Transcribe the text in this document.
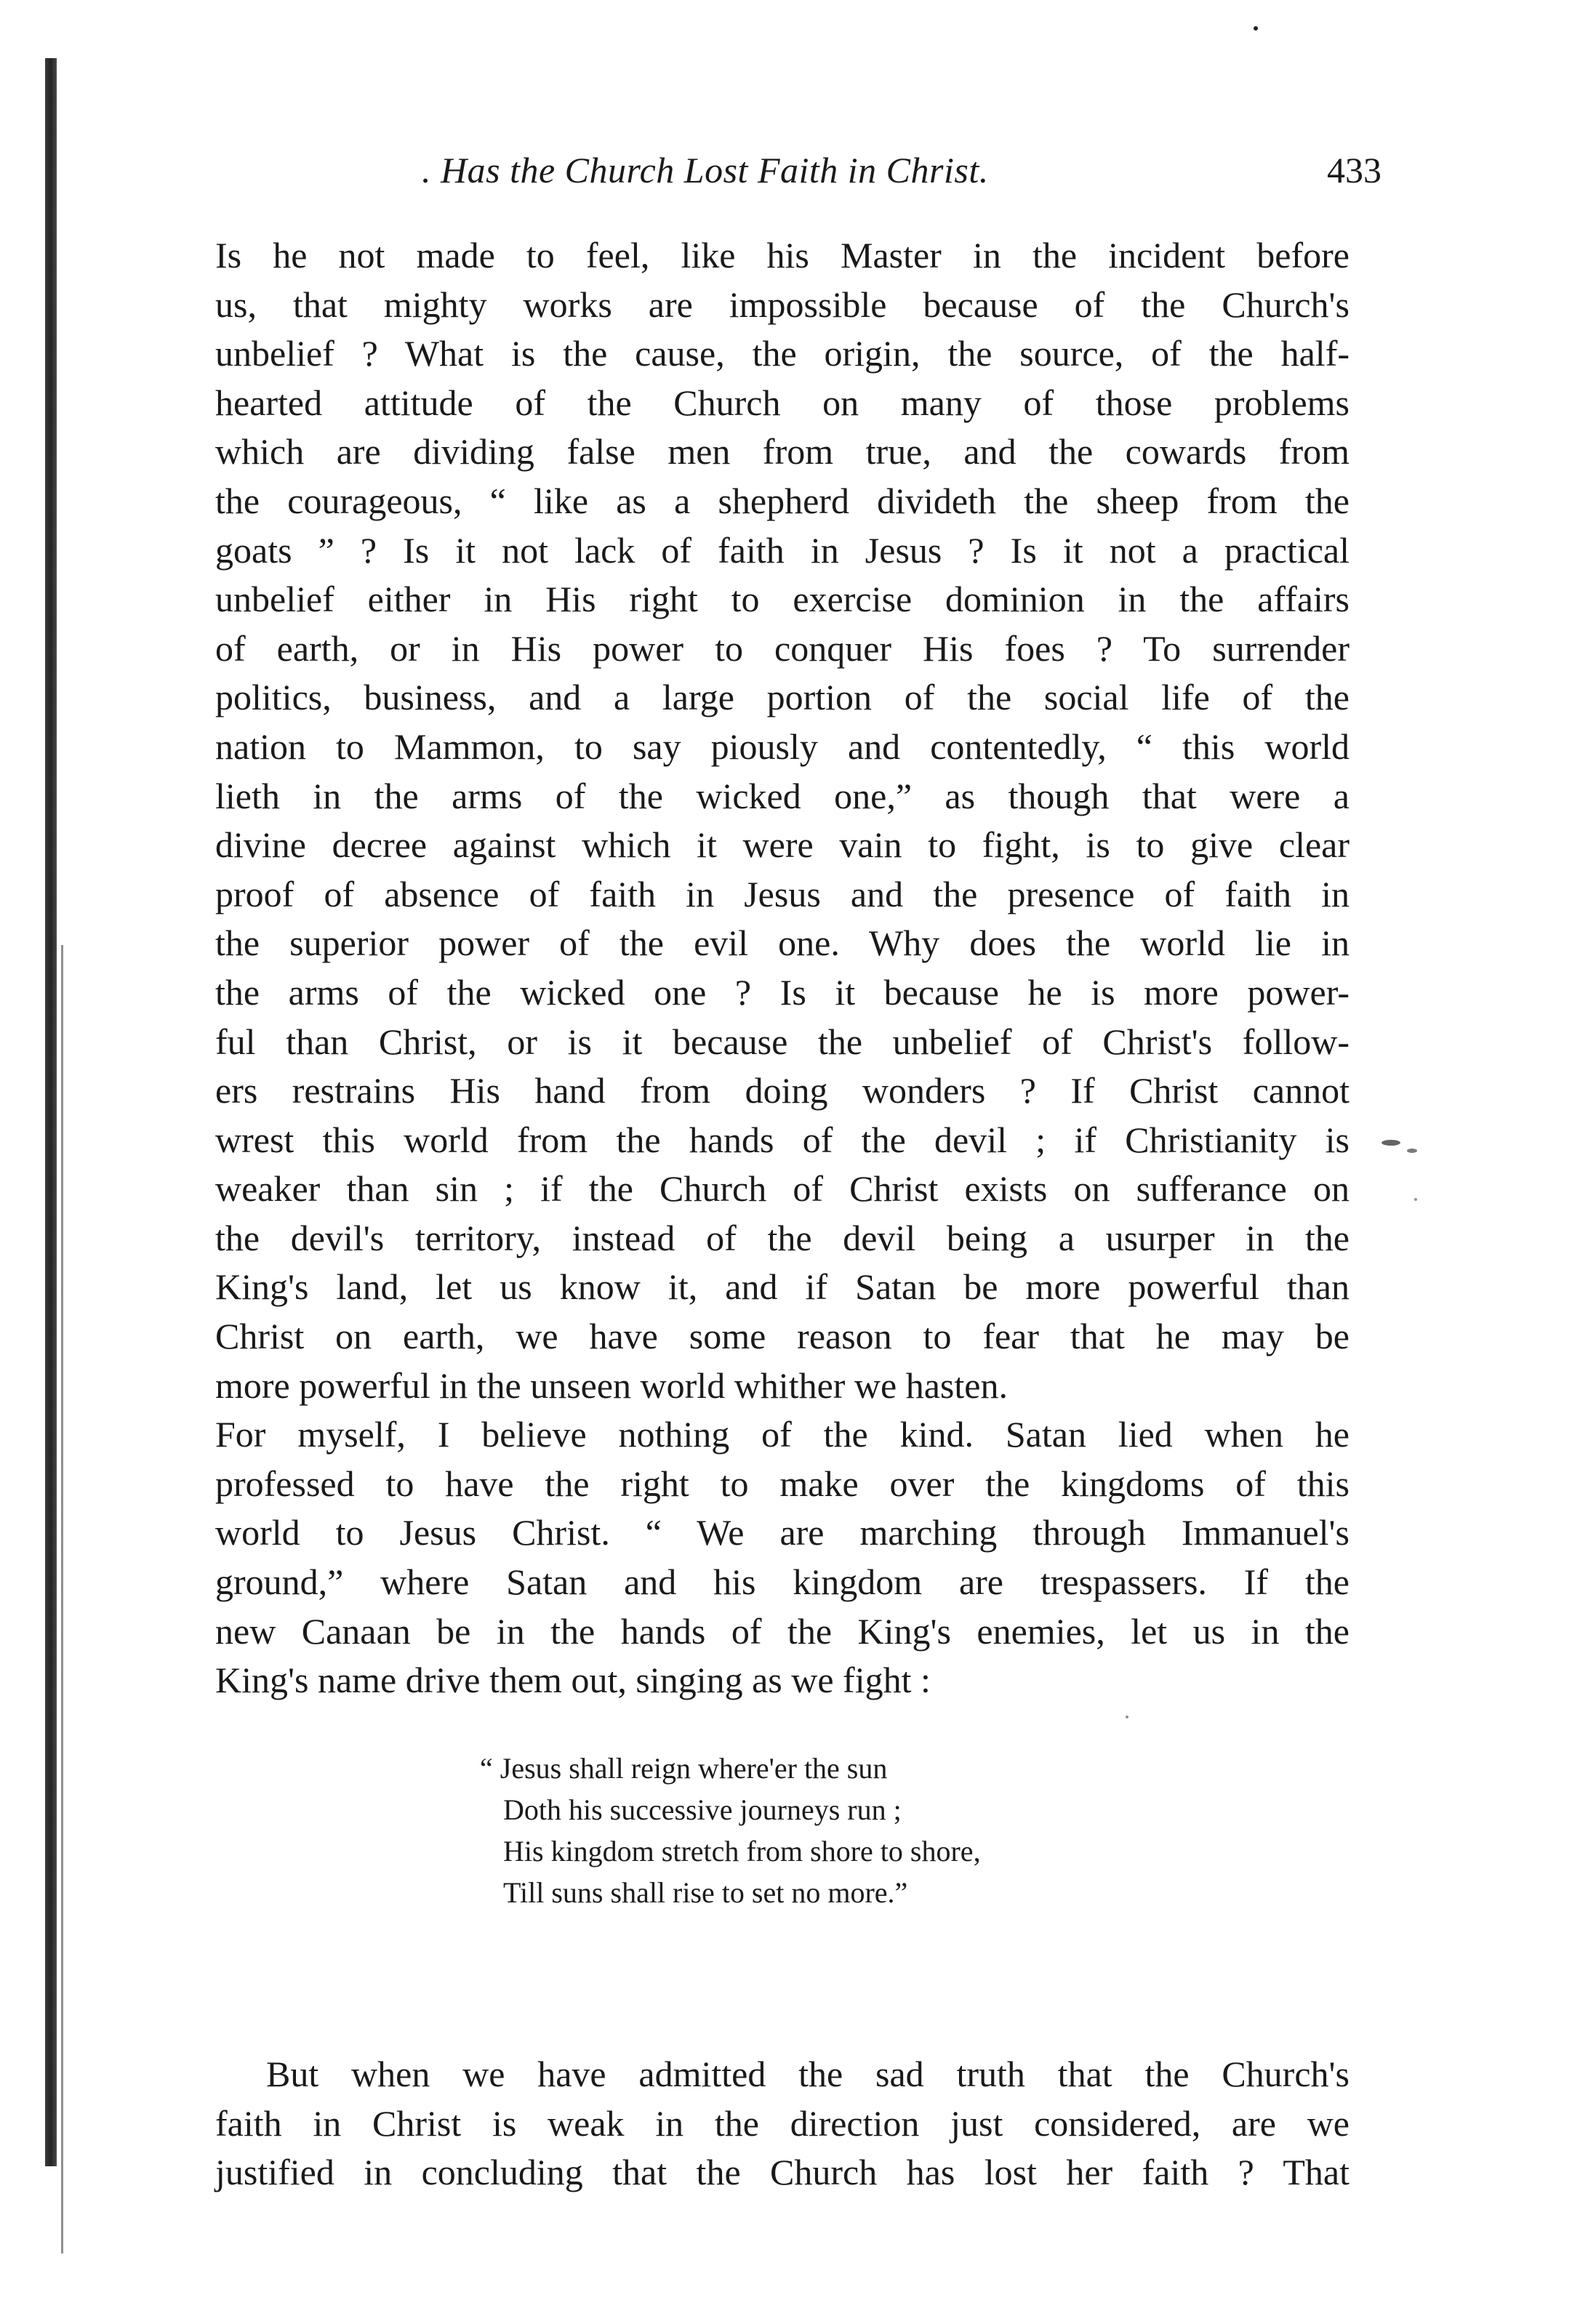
. Has the Church Lost Faith in Christ.	433
Is he not made to feel, like his Master in the incident before
us, that mighty works are impossible because of the Church's
unbelief ? What is the cause, the origin, the source, of the half-
hearted attitude of the Church on many of those problems
which are dividing false men from true, and the cowards from
the courageous, “ like as a shepherd divideth the sheep from the
goats ” ? Is it not lack of faith in Jesus ? Is it not a practical
unbelief either in His right to exercise dominion in the affairs
of earth, or in His power to conquer His foes ? To surrender
politics, business, and a large portion of the social life of the
nation to Mammon, to say piously and contentedly, “ this world
lieth in the arms of the wicked one,” as though that were a
divine decree against which it were vain to fight, is to give clear
proof of absence of faith in Jesus and the presence of faith in
the superior power of the evil one. Why does the world lie in
the arms of the wicked one ? Is it because he is more power-
ful than Christ, or is it because the unbelief of Christ's follow-
ers restrains His hand from doing wonders ? If Christ cannot
wrest this world from the hands of the devil ; if Christianity is
weaker than sin ; if the Church of Christ exists on sufferance on
the devil's territory, instead of the devil being a usurper in the
King's land, let us know it, and if Satan be more powerful than
Christ on earth, we have some reason to fear that he may be
more powerful in the unseen world whither we hasten.
For myself, I believe nothing of the kind. Satan lied when he
professed to have the right to make over the kingdoms of this
world to Jesus Christ. “ We are marching through Immanuel's
ground,” where Satan and his kingdom are trespassers. If the
new Canaan be in the hands of the King's enemies, let us in the
King's name drive them out, singing as we fight :
“ Jesus shall reign where'er the sun
Doth his successive journeys run ;
His kingdom stretch from shore to shore,
Till suns shall rise to set no more.”
But when we have admitted the sad truth that the Church's
faith in Christ is weak in the direction just considered, are we
justified in concluding that the Church has lost her faith ? That
